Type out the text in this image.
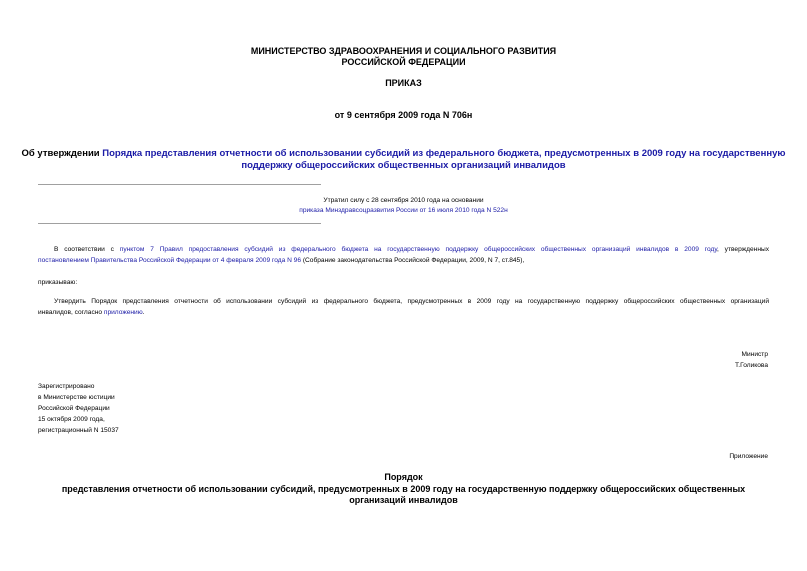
МИНИСТЕРСТВО ЗДРАВООХРАНЕНИЯ И СОЦИАЛЬНОГО РАЗВИТИЯ
РОССИЙСКОЙ ФЕДЕРАЦИИ
ПРИКАЗ
от 9 сентября 2009 года N 706н
Об утверждении Порядка представления отчетности об использовании субсидий из федерального бюджета, предусмотренных в 2009 году на государственную
поддержку общероссийских общественных организаций инвалидов
Утратил силу с 28 сентября 2010 года на основании
приказа Минздравсоцразвития России от 16 июля 2010 года N 522н
В соответствии с пунктом 7 Правил предоставления субсидий из федерального бюджета на государственную поддержку общероссийских общественных организаций инвалидов в 2009 году, утвержденных
постановлением Правительства Российской Федерации от 4 февраля 2009 года N 96 (Собрание законодательства Российской Федерации, 2009, N 7, ст.845),
приказываю:
Утвердить Порядок представления отчетности об использовании субсидий из федерального бюджета, предусмотренных в 2009 году на государственную поддержку общероссийских общественных организаций
инвалидов, согласно приложению.
Министр
Т.Голикова
Зарегистрировано
в Министерстве юстиции
Российской Федерации
15 октября 2009 года,
регистрационный N 15037
Приложение
Порядок
представления отчетности об использовании субсидий, предусмотренных в 2009 году на государственную поддержку общероссийских общественных
организаций инвалидов
